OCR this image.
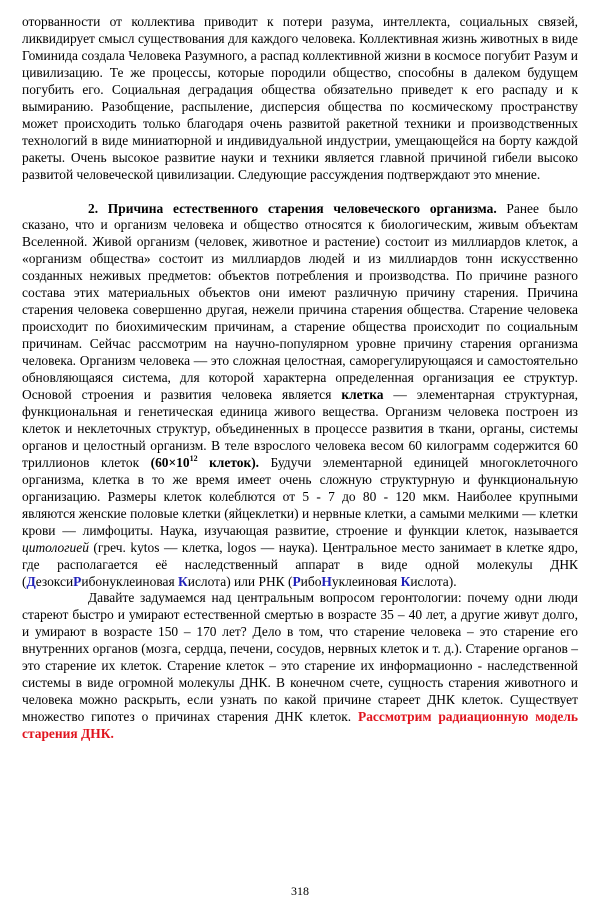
оторванности от коллектива приводит к потери разума, интеллекта, социальных связей, ликвидирует смысл существования для каждого человека. Коллективная жизнь животных в виде Гоминида создала Человека Разумного, а распад коллективной жизни в космосе погубит Разум и цивилизацию. Те же процессы, которые породили общество, способны в далеком будущем погубить его. Социальная деградация общества обязательно приведет к его распаду и к вымиранию. Разобщение, распыление, дисперсия общества по космическому пространству может происходить только благодаря очень развитой ракетной техники и производственных технологий в виде миниатюрной и индивидуальной индустрии, умещающейся на борту каждой ракеты. Очень высокое развитие науки и техники является главной причиной гибели высоко развитой человеческой цивилизации. Следующие рассуждения подтверждают это мнение.

2. Причина естественного старения человеческого организма. Ранее было сказано, что и организм человека и общество относятся к биологическим, живым объектам Вселенной. Живой организм (человек, животное и растение) состоит из миллиардов клеток, а «организм общества» состоит из миллиардов людей и из миллиардов тонн искусственно созданных неживых предметов: объектов потребления и производства. По причине разного состава этих материальных объектов они имеют различную причину старения. Причина старения человека совершенно другая, нежели причина старения общества. Старение человека происходит по биохимическим причинам, а старение общества происходит по социальным причинам. Сейчас рассмотрим на научно-популярном уровне причину старения организма человека. Организм человека — это сложная целостная, саморегулирующаяся и самостоятельно обновляющаяся система, для которой характерна определенная организация ее структур. Основой строения и развития человека является клетка — элементарная структурная, функциональная и генетическая единица живого вещества. Организм человека построен из клеток и неклеточных структур, объединенных в процессе развития в ткани, органы, системы органов и целостный организм. В теле взрослого человека весом 60 килограмм содержится 60 триллионов клеток ($60\times 10^{12}$ клеток). Будучи элементарной единицей многоклеточного организма, клетка в то же время имеет очень сложную структурную и функциональную организацию. Размеры клеток колеблются от 5 - 7 до 80 - 120 мкм. Наиболее крупными являются женские половые клетки (яйцеклетки) и нервные клетки, а самыми мелкими — клетки крови — лимфоциты. Наука, изучающая развитие, строение и функции клеток, называется цитологией (греч. kytos — клетка, logos — наука). Центральное место занимает в клетке ядро, где располагается её наследственный аппарат в виде одной молекулы ДНК (ДезоксиРибонуклеиновая Кислота) или РНК (РибоНуклеиновая Кислота).

Давайте задумаемся над центральным вопросом геронтологии: почему одни люди стареют быстро и умирают естественной смертью в возрасте 35 – 40 лет, а другие живут долго, и умирают в возрасте 150 – 170 лет? Дело в том, что старение человека – это старение его внутренних органов (мозга, сердца, печени, сосудов, нервных клеток и т. д.). Старение органов – это старение их клеток. Старение клеток – это старение их информационно - наследственной системы в виде огромной молекулы ДНК. В конечном счете, сущность старения животного и человека можно раскрыть, если узнать по какой причине стареет ДНК клеток. Существует множество гипотез о причинах старения ДНК клеток. Рассмотрим радиационную модель старения ДНК.

318
